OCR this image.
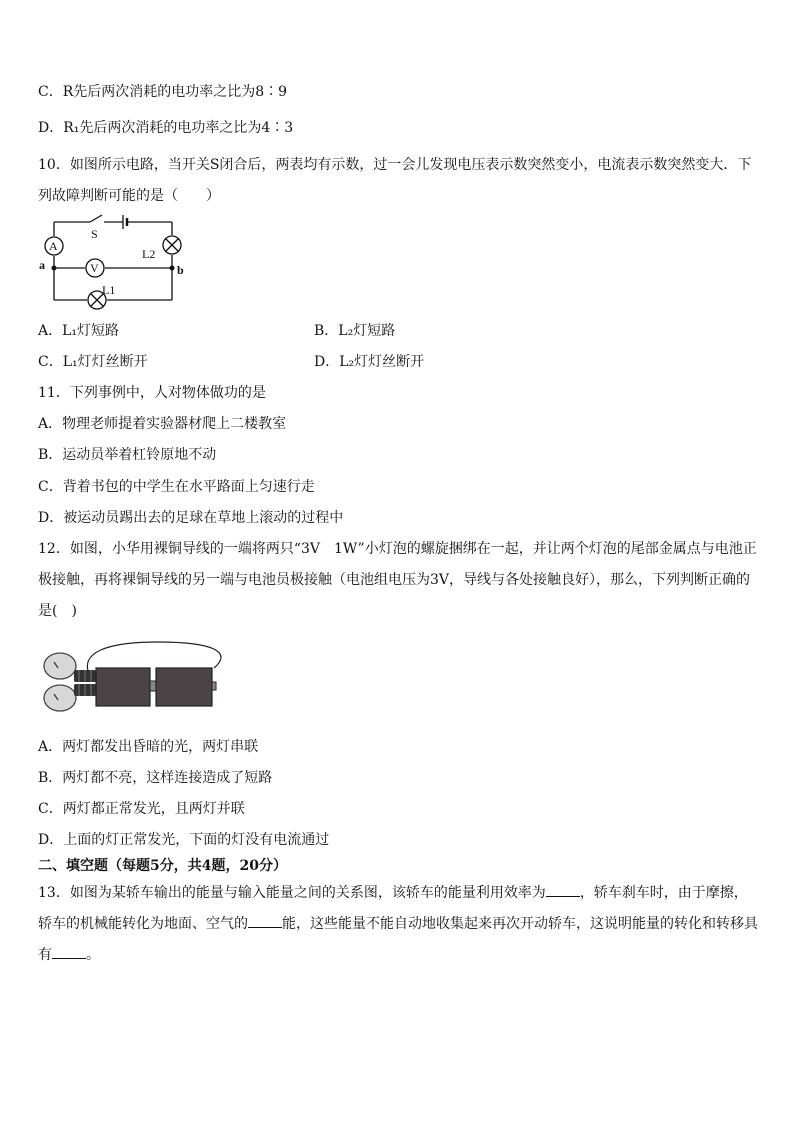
C．R先后两次消耗的电功率之比为8∶9
D．R₁先后两次消耗的电功率之比为4∶3
10．如图所示电路，当开关S闭合后，两表均有示数，过一会儿发现电压表示数突然变小，电流表示数突然变大．下列故障判断可能的是（　　）
S
A
V
L2
L1
a	b
A．L₁灯短路	B．L₂灯短路
C．L₁灯灯丝断开	D．L₂灯灯丝断开
11．下列事例中，人对物体做功的是
A．物理老师提着实验器材爬上二楼教室
B．运动员举着杠铃原地不动
C．背着书包的中学生在水平路面上匀速行走
D．被运动员踢出去的足球在草地上滚动的过程中
12．如图，小华用裸铜导线的一端将两只“3V　1W”小灯泡的螺旋捆绑在一起，并让两个灯泡的尾部金属点与电池正极接触，再将裸铜导线的另一端与电池员极接触（电池组电压为3V，导线与各处接触良好），那么，下列判断正确的是(　)
A．两灯都发出昏暗的光，两灯串联
B．两灯都不亮，这样连接造成了短路
C．两灯都正常发光，且两灯并联
D．上面的灯正常发光，下面的灯没有电流通过
二、填空题（每题5分，共4题，20分）
13．如图为某轿车输出的能量与输入能量之间的关系图，该轿车的能量利用效率为 ，轿车刹车时，由于摩擦，轿车的机械能转化为地面、空气的 能，这些能量不能自动地收集起来再次开动轿车，这说明能量的转化和转移具有 。
